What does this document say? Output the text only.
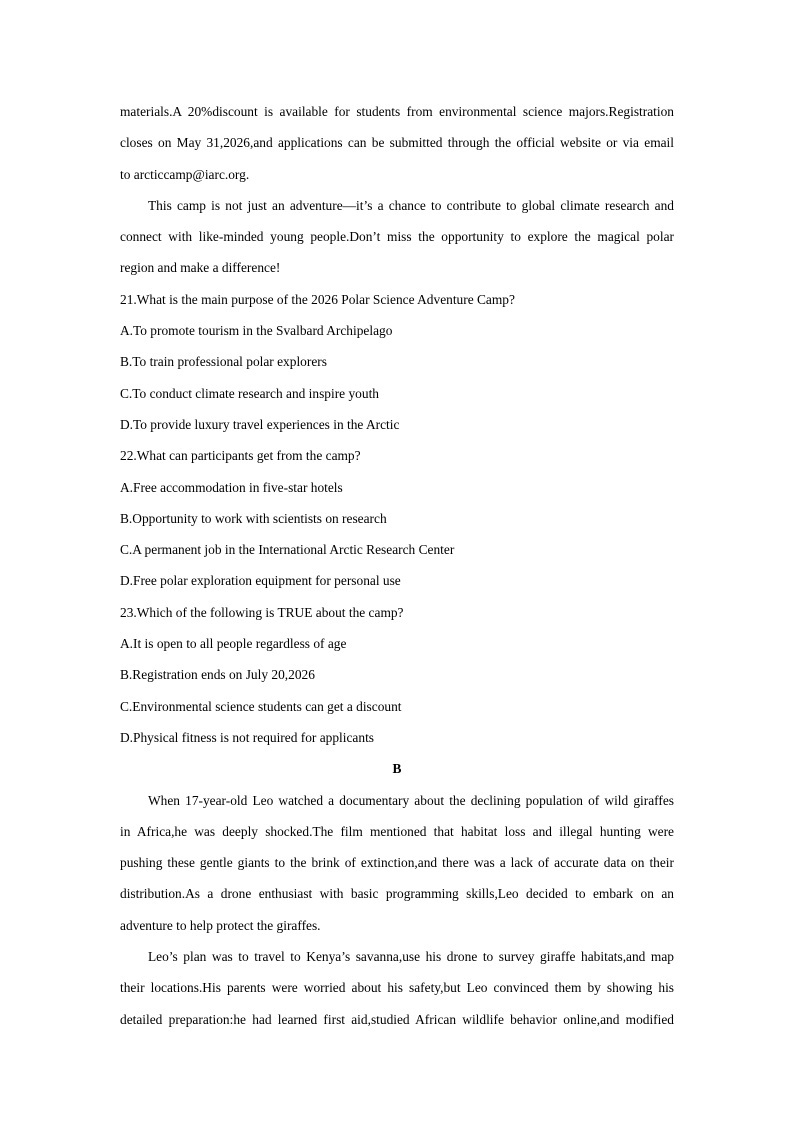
materials.A 20%discount is available for students from environmental science majors.Registration
closes on May 31,2026,and applications can be submitted through the official website or via email
to arcticcamp@iarc.org.
This camp is not just an adventure—it’s a chance to contribute to global climate research and
connect with like-minded young people.Don’t miss the opportunity to explore the magical polar
region and make a difference!
21.What is the main purpose of the 2026 Polar Science Adventure Camp?
A.To promote tourism in the Svalbard Archipelago
B.To train professional polar explorers
C.To conduct climate research and inspire youth
D.To provide luxury travel experiences in the Arctic
22.What can participants get from the camp?
A.Free accommodation in five-star hotels
B.Opportunity to work with scientists on research
C.A permanent job in the International Arctic Research Center
D.Free polar exploration equipment for personal use
23.Which of the following is TRUE about the camp?
A.It is open to all people regardless of age
B.Registration ends on July 20,2026
C.Environmental science students can get a discount
D.Physical fitness is not required for applicants
B
When 17-year-old Leo watched a documentary about the declining population of wild giraffes
in Africa,he was deeply shocked.The film mentioned that habitat loss and illegal hunting were
pushing these gentle giants to the brink of extinction,and there was a lack of accurate data on their
distribution.As a drone enthusiast with basic programming skills,Leo decided to embark on an
adventure to help protect the giraffes.
Leo’s plan was to travel to Kenya’s savanna,use his drone to survey giraffe habitats,and map
their locations.His parents were worried about his safety,but Leo convinced them by showing his
detailed preparation:he had learned first aid,studied African wildlife behavior online,and modified
